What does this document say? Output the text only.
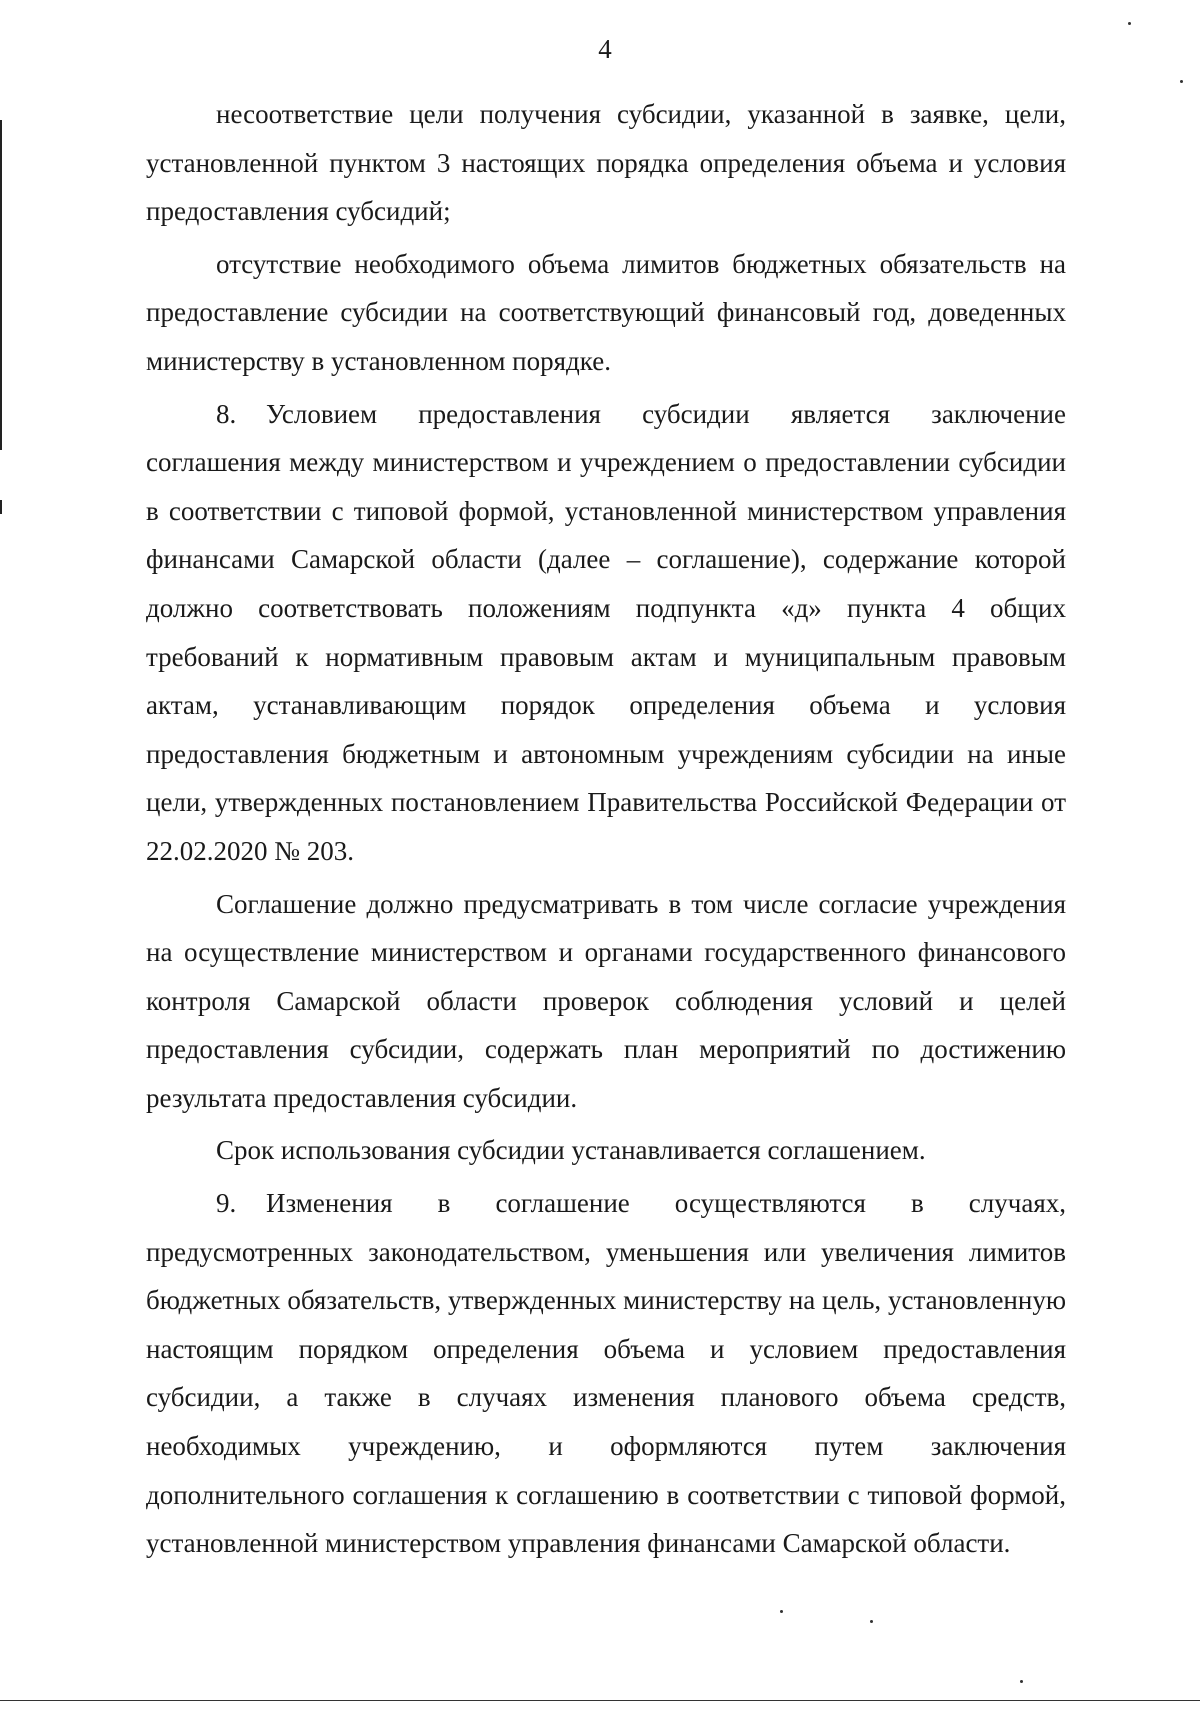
4

несоответствие цели получения субсидии, указанной в заявке, цели, установленной пунктом 3 настоящих порядка определения объема и условия предоставления субсидий;

отсутствие необходимого объема лимитов бюджетных обязательств на предоставление субсидии на соответствующий финансовый год, доведенных министерству в установленном порядке.

8. Условием предоставления субсидии является заключение соглашения между министерством и учреждением о предоставлении субсидии в соответствии с типовой формой, установленной министерством управления финансами Самарской области (далее – соглашение), содержание которой должно соответствовать положениям подпункта «д» пункта 4 общих требований к нормативным правовым актам и муниципальным правовым актам, устанавливающим порядок определения объема и условия предоставления бюджетным и автономным учреждениям субсидии на иные цели, утвержденных постановлением Правительства Российской Федерации от 22.02.2020 № 203.

Соглашение должно предусматривать в том числе согласие учреждения на осуществление министерством и органами государственного финансового контроля Самарской области проверок соблюдения условий и целей предоставления субсидии, содержать план мероприятий по достижению результата предоставления субсидии.

Срок использования субсидии устанавливается соглашением.

9. Изменения в соглашение осуществляются в случаях, предусмотренных законодательством, уменьшения или увеличения лимитов бюджетных обязательств, утвержденных министерству на цель, установленную настоящим порядком определения объема и условием предоставления субсидии, а также в случаях изменения планового объема средств, необходимых учреждению, и оформляются путем заключения дополнительного соглашения к соглашению в соответствии с типовой формой, установленной министерством управления финансами Самарской области.
